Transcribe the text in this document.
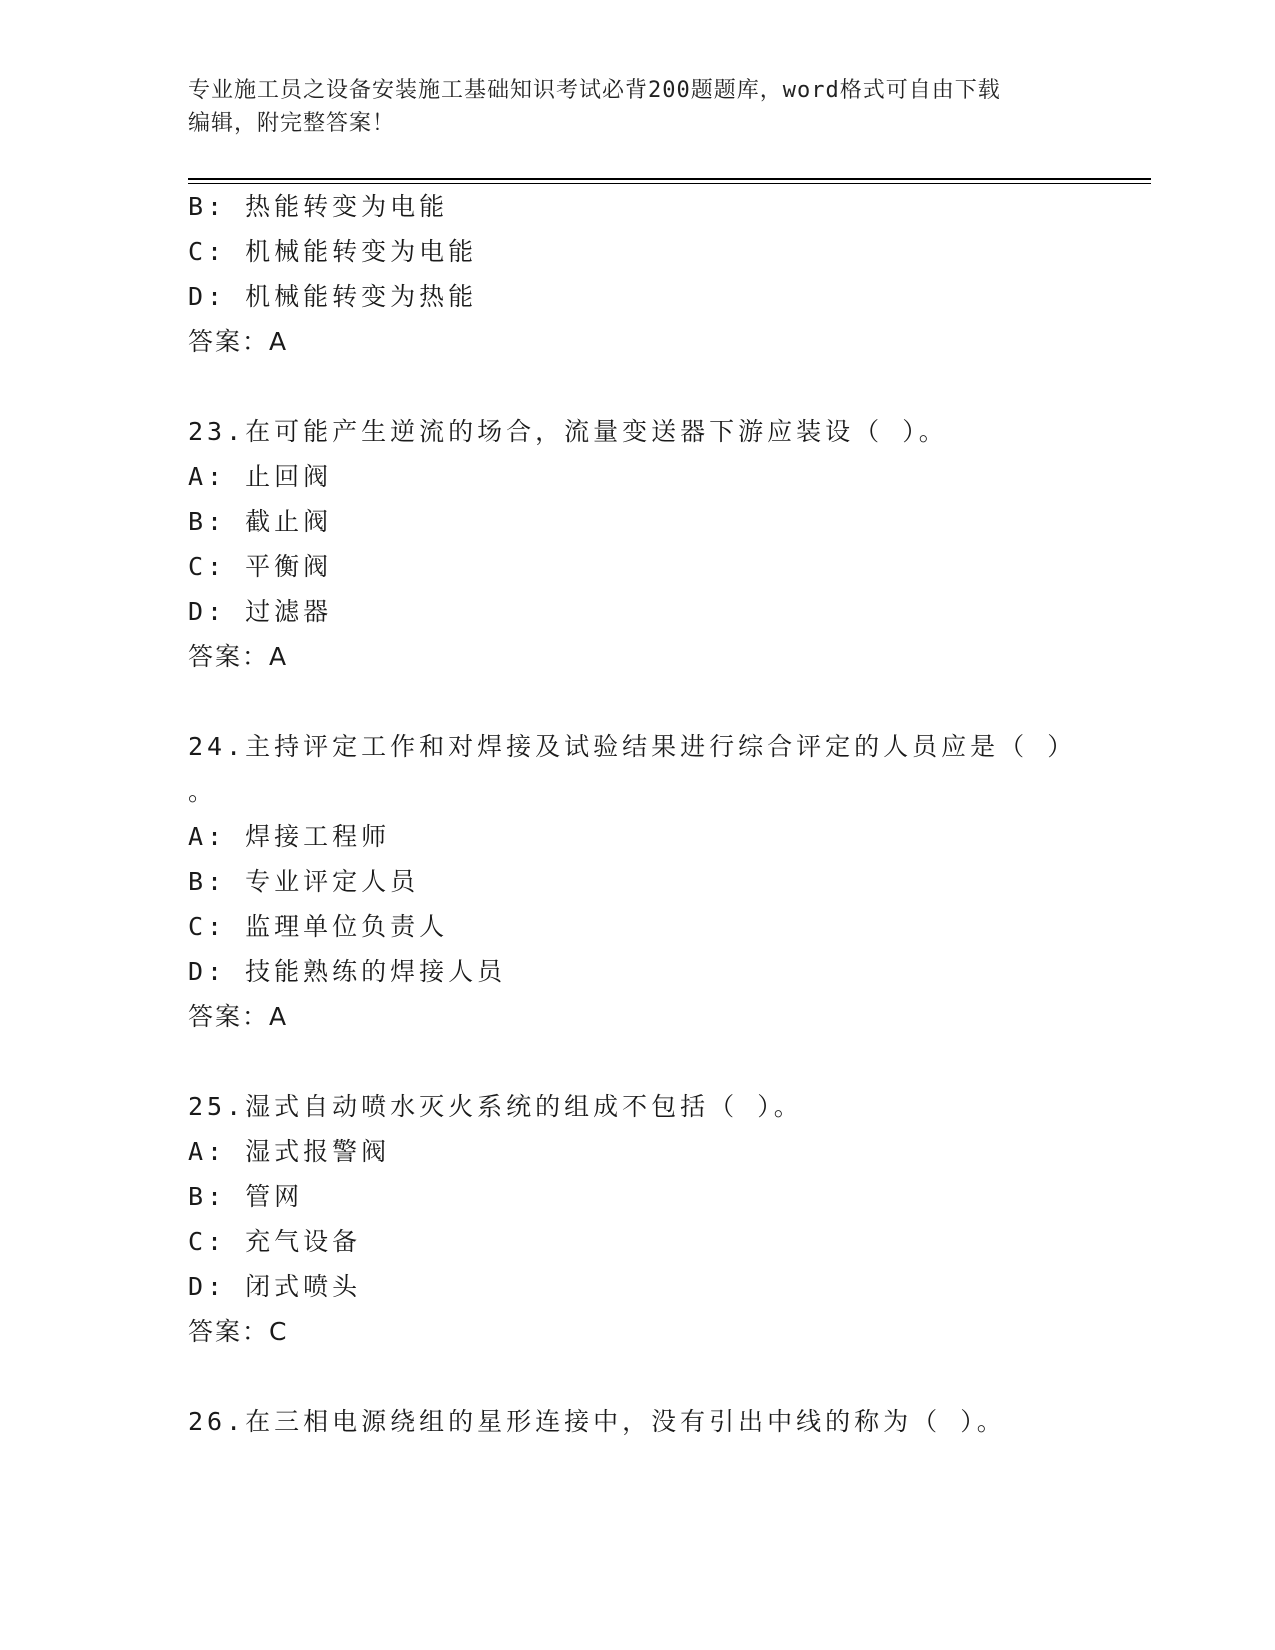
专业施工员之设备安装施工基础知识考试必背200题题库，word格式可自由下载
编辑，附完整答案！
B: 热能转变为电能
C: 机械能转变为电能
D: 机械能转变为热能
答案：A
23.在可能产生逆流的场合，流量变送器下游应装设（ ）。
A: 止回阀
B: 截止阀
C: 平衡阀
D: 过滤器
答案：A
24.主持评定工作和对焊接及试验结果进行综合评定的人员应是（ ）
。
A: 焊接工程师
B: 专业评定人员
C: 监理单位负责人
D: 技能熟练的焊接人员
答案：A
25.湿式自动喷水灭火系统的组成不包括（ ）。
A: 湿式报警阀
B: 管网
C: 充气设备
D: 闭式喷头
答案：C
26.在三相电源绕组的星形连接中，没有引出中线的称为（ ）。
